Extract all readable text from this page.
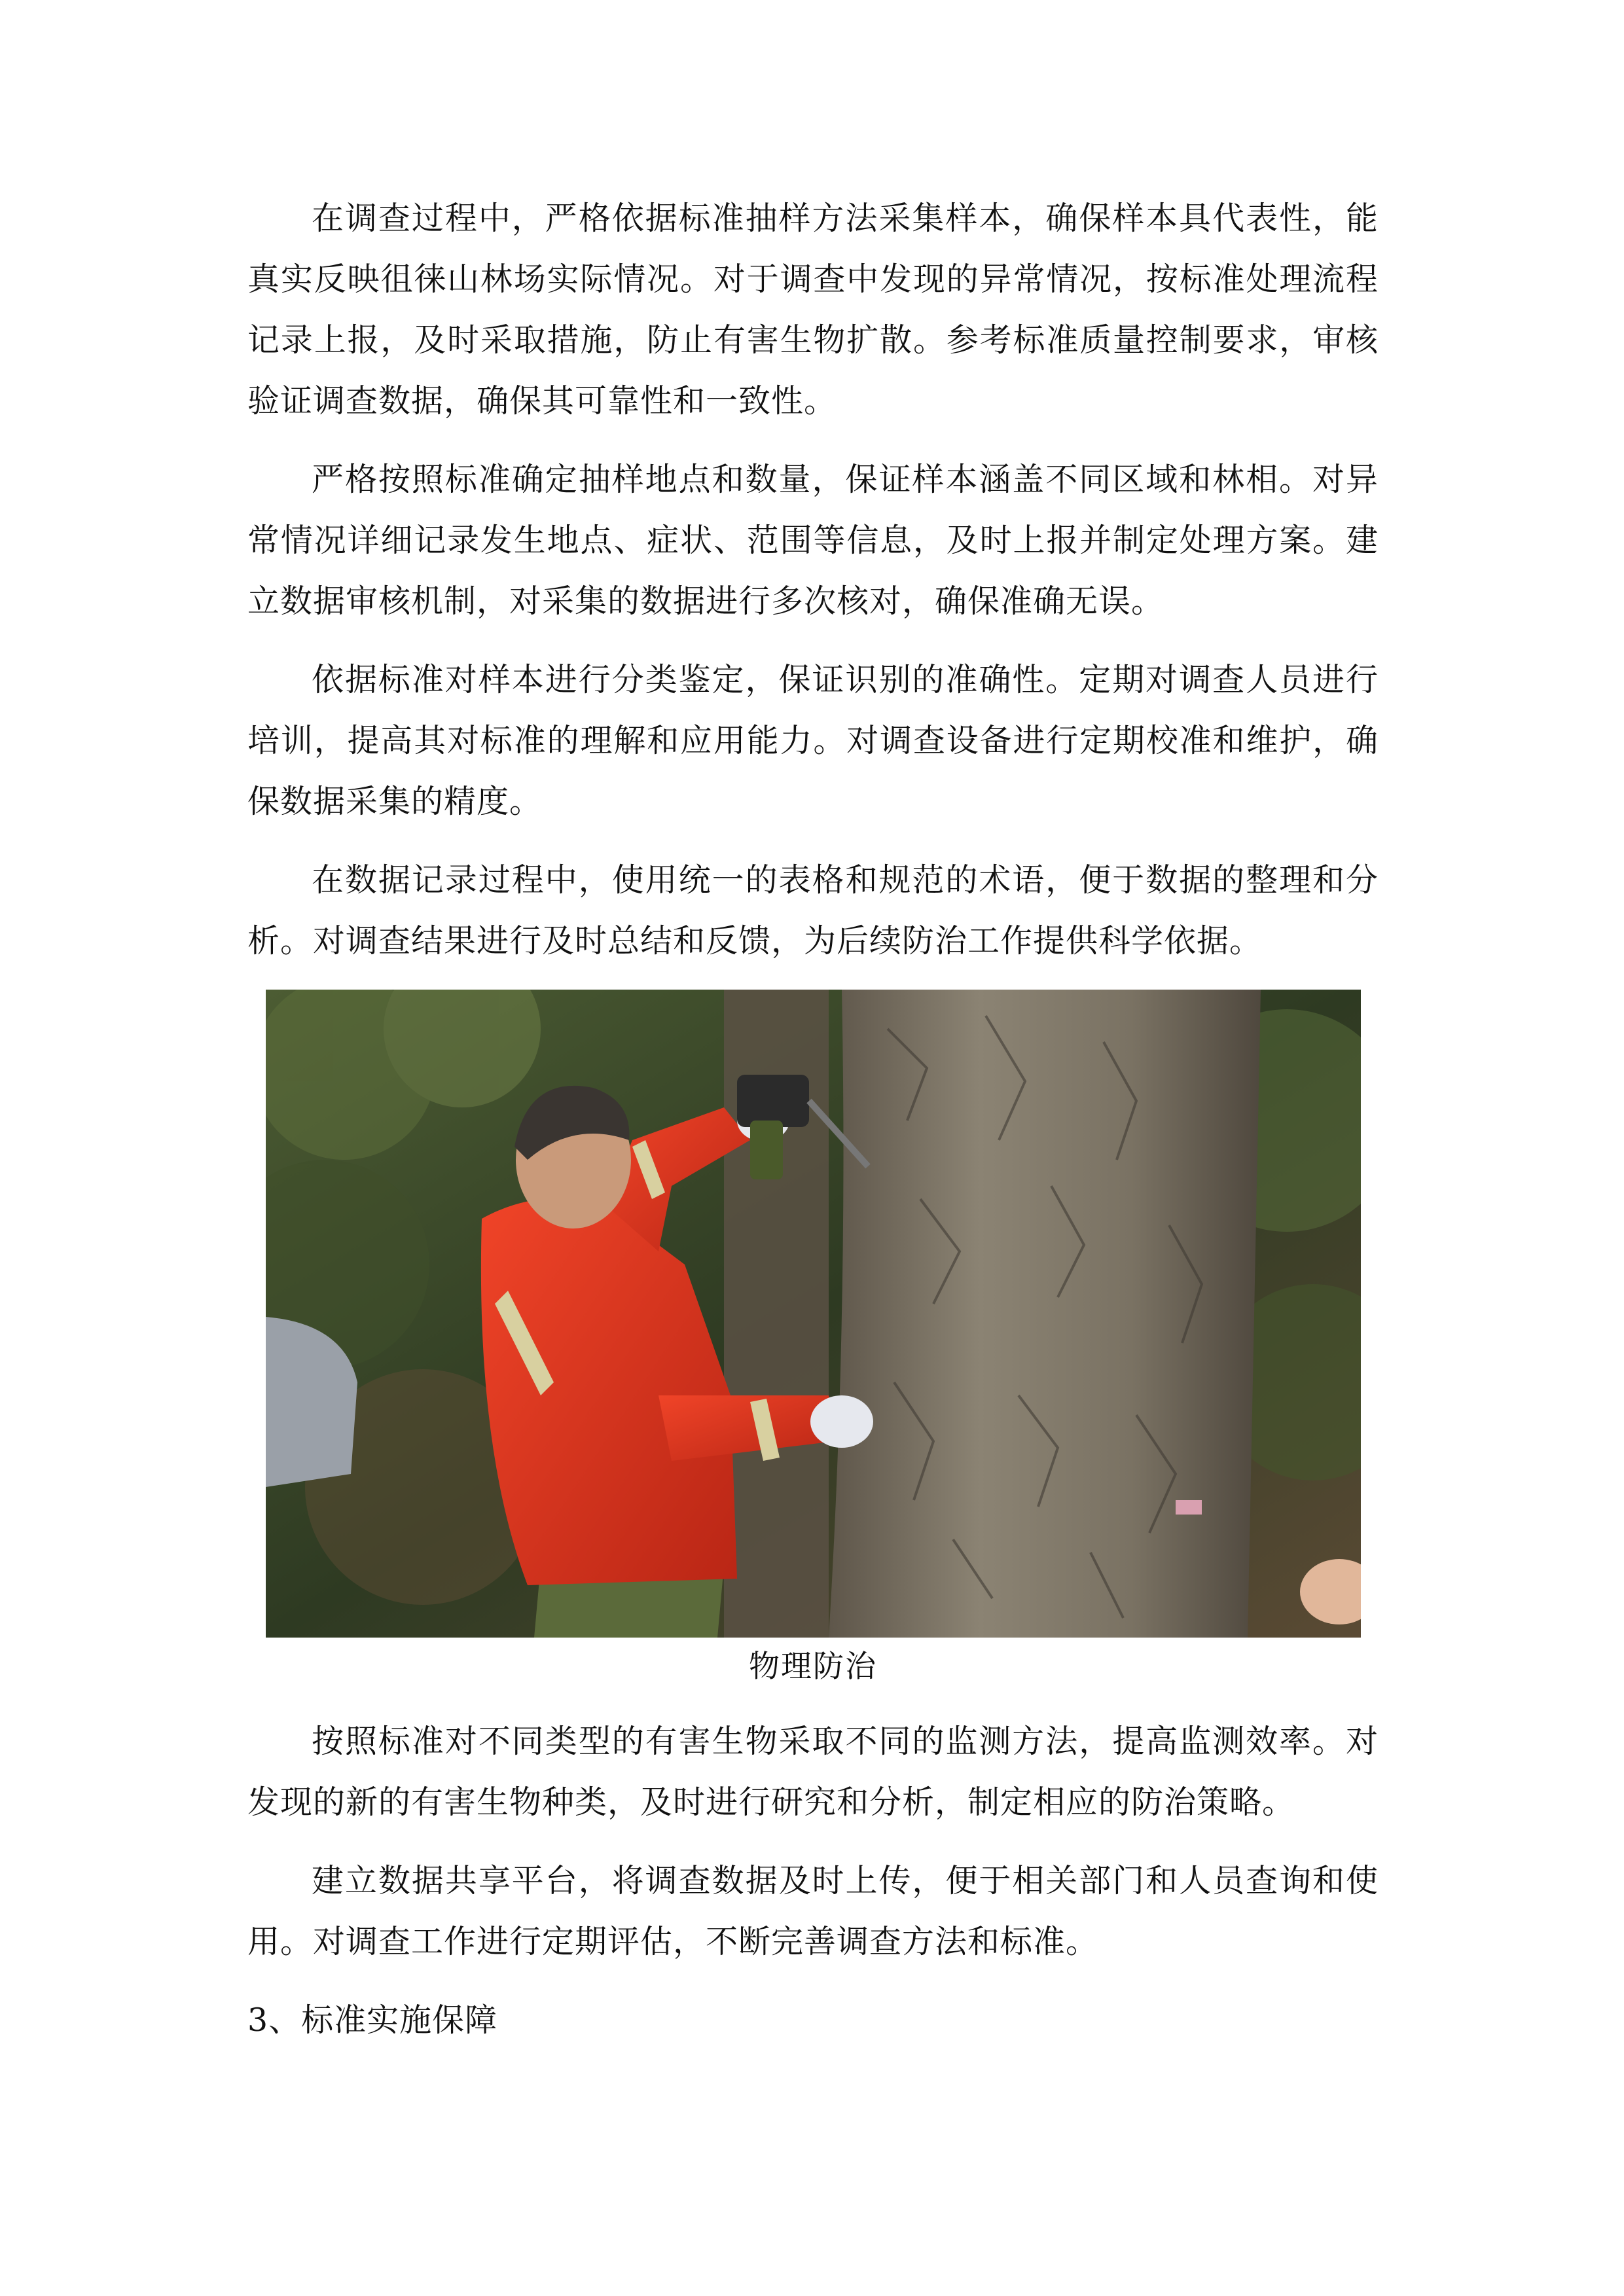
在调查过程中，严格依据标准抽样方法采集样本，确保样本具代表性，能真实反映徂徕山林场实际情况。对于调查中发现的异常情况，按标准处理流程记录上报，及时采取措施，防止有害生物扩散。参考标准质量控制要求，审核验证调查数据，确保其可靠性和一致性。

严格按照标准确定抽样地点和数量，保证样本涵盖不同区域和林相。对异常情况详细记录发生地点、症状、范围等信息，及时上报并制定处理方案。建立数据审核机制，对采集的数据进行多次核对，确保准确无误。

依据标准对样本进行分类鉴定，保证识别的准确性。定期对调查人员进行培训，提高其对标准的理解和应用能力。对调查设备进行定期校准和维护，确保数据采集的精度。

在数据记录过程中，使用统一的表格和规范的术语，便于数据的整理和分析。对调查结果进行及时总结和反馈，为后续防治工作提供科学依据。

物理防治

按照标准对不同类型的有害生物采取不同的监测方法，提高监测效率。对发现的新的有害生物种类，及时进行研究和分析，制定相应的防治策略。

建立数据共享平台，将调查数据及时上传，便于相关部门和人员查询和使用。对调查工作进行定期评估，不断完善调查方法和标准。

3、标准实施保障
